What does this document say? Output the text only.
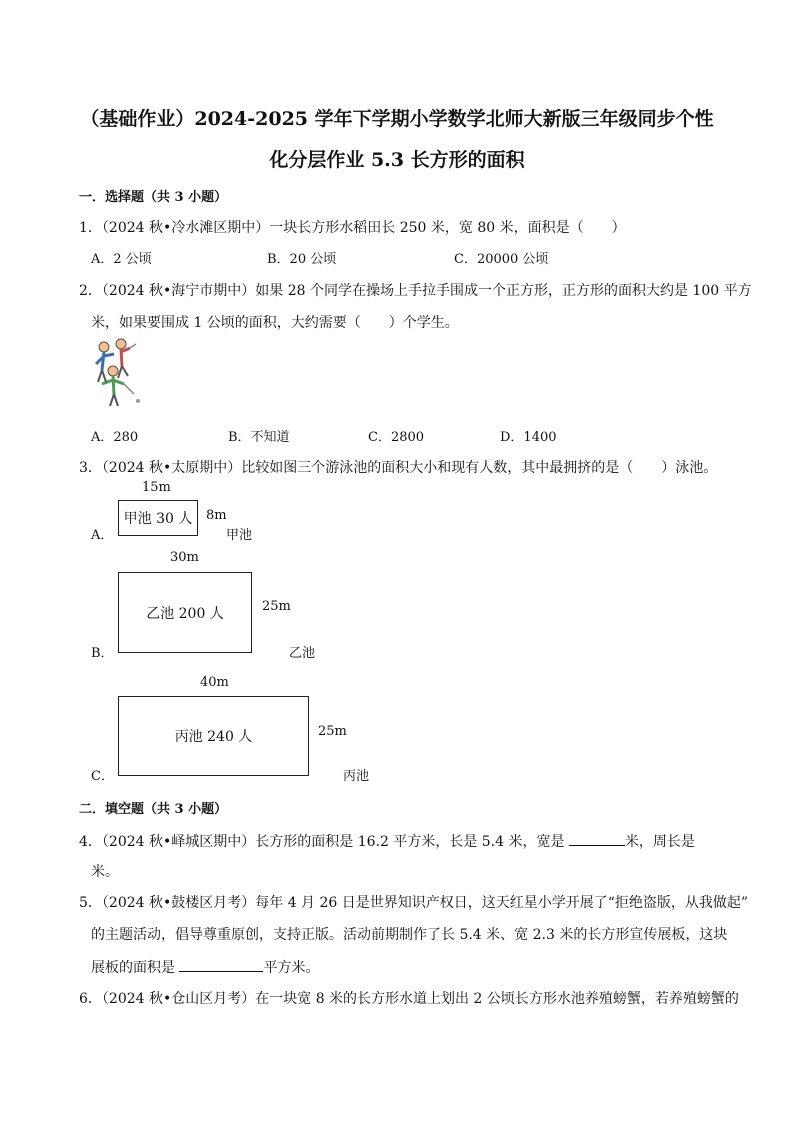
（基础作业）2024-2025 学年下学期小学数学北师大新版三年级同步个性
化分层作业 5.3 长方形的面积
一．选择题（共 3 小题）
1．（2024 秋•冷水滩区期中）一块长方形水稻田长 250 米，宽 80 米，面积是（　　）
A．2 公顷	B．20 公顷	C．20000 公顷
2．（2024 秋•海宁市期中）如果 28 个同学在操场上手拉手围成一个正方形，正方形的面积大约是 100 平方
米，如果要围成 1 公顷的面积，大约需要（　　）个学生。
A．280	B．不知道	C．2800	D．1400
3．（2024 秋•太原期中）比较如图三个游泳池的面积大小和现有人数，其中最拥挤的是（　　）泳池。
15m
甲池 30 人 8m
A．	甲池
30m
乙池 200 人	25m
B．	乙池
40m
丙池 240 人	25m
C．	丙池
二．填空题（共 3 小题）
4．（2024 秋•峄城区期中）长方形的面积是 16.2 平方米，长是 5.4 米，宽是	米，周长是
米。
5．（2024 秋•鼓楼区月考）每年 4 月 26 日是世界知识产权日，这天红星小学开展了“拒绝盗版，从我做起”
的主题活动，倡导尊重原创，支持正版。活动前期制作了长 5.4 米、宽 2.3 米的长方形宣传展板，这块
展板的面积是	平方米。
6．（2024 秋•仓山区月考）在一块宽 8 米的长方形水道上划出 2 公顷长方形水池养殖螃蟹，若养殖螃蟹的
